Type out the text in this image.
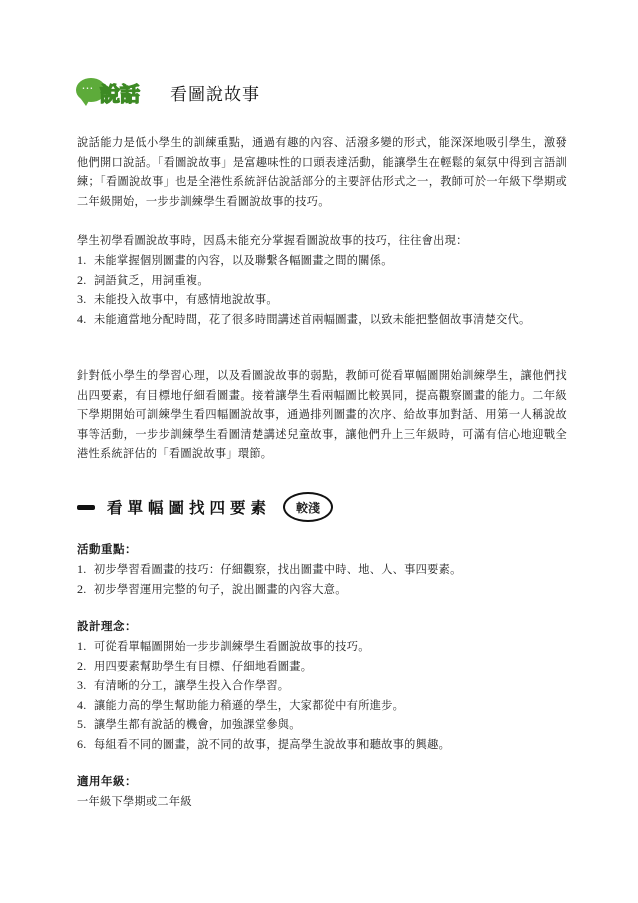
••• 說話 看圖說故事
說話能力是低小學生的訓練重點，通過有趣的內容、活潑多變的形式，能深深地吸引學生，激發他們開口說話。「看圖說故事」是富趣味性的口頭表達活動，能讓學生在輕鬆的氣氛中得到言語訓練；「看圖說故事」也是全港性系統評估說話部分的主要評估形式之一，教師可於一年級下學期或二年級開始，一步步訓練學生看圖說故事的技巧。
學生初學看圖說故事時，因爲未能充分掌握看圖說故事的技巧，往往會出現：
1. 未能掌握個別圖畫的內容，以及聯繫各幅圖畫之間的關係。
2. 詞語貧乏，用詞重複。
3. 未能投入故事中，有感情地說故事。
4. 未能適當地分配時間，花了很多時間講述首兩幅圖畫，以致未能把整個故事清楚交代。
針對低小學生的學習心理，以及看圖說故事的弱點，教師可從看單幅圖開始訓練學生，讓他們找出四要素，有目標地仔細看圖畫。接着讓學生看兩幅圖比較異同，提高觀察圖畫的能力。二年級下學期開始可訓練學生看四幅圖說故事，通過排列圖畫的次序、給故事加對話、用第一人稱說故事等活動，一步步訓練學生看圖清楚講述兒童故事，讓他們升上三年級時，可滿有信心地迎戰全港性系統評估的「看圖說故事」環節。
看單幅圖找四要素	較淺
活動重點：
1. 初步學習看圖畫的技巧：仔細觀察，找出圖畫中時、地、人、事四要素。
2. 初步學習運用完整的句子，說出圖畫的內容大意。
設計理念：
1. 可從看單幅圖開始一步步訓練學生看圖說故事的技巧。
2. 用四要素幫助學生有目標、仔細地看圖畫。
3. 有清晰的分工，讓學生投入合作學習。
4. 讓能力高的學生幫助能力稍遜的學生，大家都從中有所進步。
5. 讓學生都有說話的機會，加強課堂參與。
6. 每組看不同的圖畫，說不同的故事，提高學生說故事和聽故事的興趣。
適用年級：
一年級下學期或二年級
